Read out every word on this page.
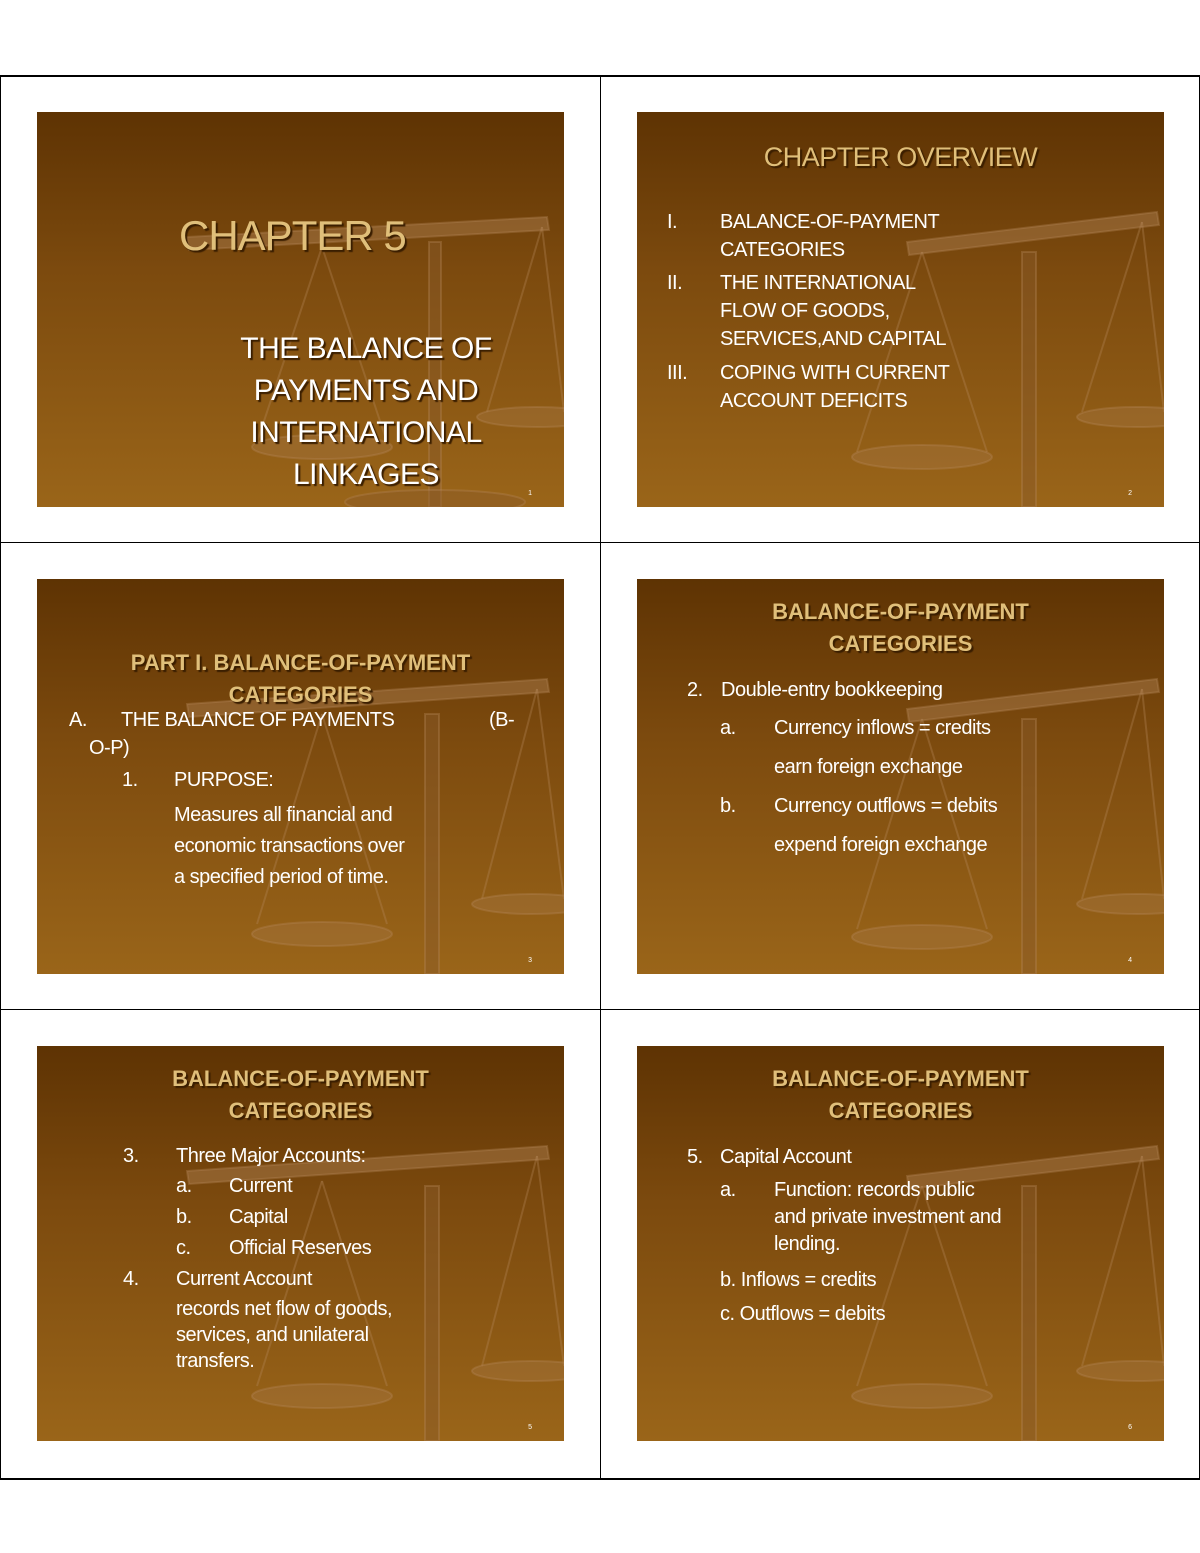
CHAPTER 5
THE BALANCE OF
PAYMENTS AND
INTERNATIONAL
LINKAGES
1
CHAPTER OVERVIEW
I. BALANCE-OF-PAYMENT
CATEGORIES
II. THE INTERNATIONAL
FLOW OF GOODS,
SERVICES,AND CAPITAL
III. COPING WITH CURRENT
ACCOUNT DEFICITS
2
PART I. BALANCE-OF-PAYMENT
CATEGORIES
A. THE BALANCE OF PAYMENTS	(B-
O-P)
1. PURPOSE:
Measures all financial and
economic transactions over
a specified period of time.
3
BALANCE-OF-PAYMENT
CATEGORIES
2. Double-entry bookkeeping
a. Currency inflows = credits
earn foreign exchange
b. Currency outflows = debits
expend foreign exchange
4
BALANCE-OF-PAYMENT
CATEGORIES
3. Three Major Accounts:
a. Current
b. Capital
c. Official Reserves
4. Current Account
records net flow of goods,
services, and unilateral
transfers.
5
BALANCE-OF-PAYMENT
CATEGORIES
5. Capital Account
a. Function: records public
and private investment and
lending.
b. Inflows = credits
c. Outflows = debits
6
